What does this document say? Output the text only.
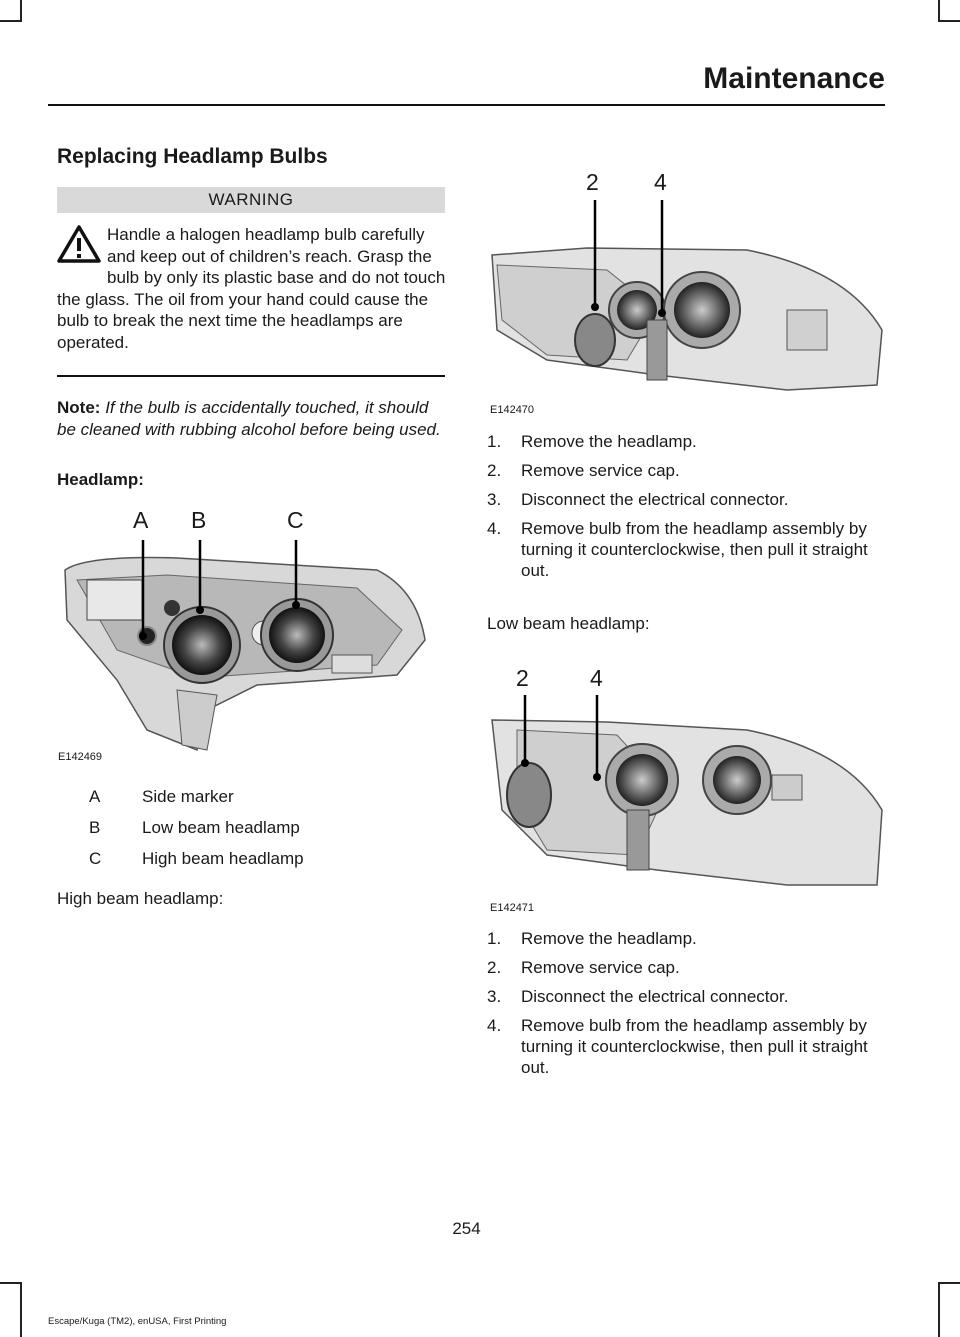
Maintenance
Replacing Headlamp Bulbs
WARNING
Handle a halogen headlamp bulb carefully and keep out of children’s reach. Grasp the bulb by only its plastic base and do not touch the glass. The oil from your hand could cause the bulb to break the next time the headlamps are operated.
Note: If the bulb is accidentally touched, it should be cleaned with rubbing alcohol before being used.
Headlamp:
A B	C
E142469
A Side marker
B Low beam headlamp
C High beam headlamp
High beam headlamp:
2 4
E142470
1. Remove the headlamp.
2. Remove service cap.
3. Disconnect the electrical connector.
4. Remove bulb from the headlamp assembly by turning it counterclockwise, then pull it straight out.
Low beam headlamp:
2	4
E142471
1. Remove the headlamp.
2. Remove service cap.
3. Disconnect the electrical connector.
4. Remove bulb from the headlamp assembly by turning it counterclockwise, then pull it straight out.
254
Escape/Kuga (TM2), enUSA, First Printing
